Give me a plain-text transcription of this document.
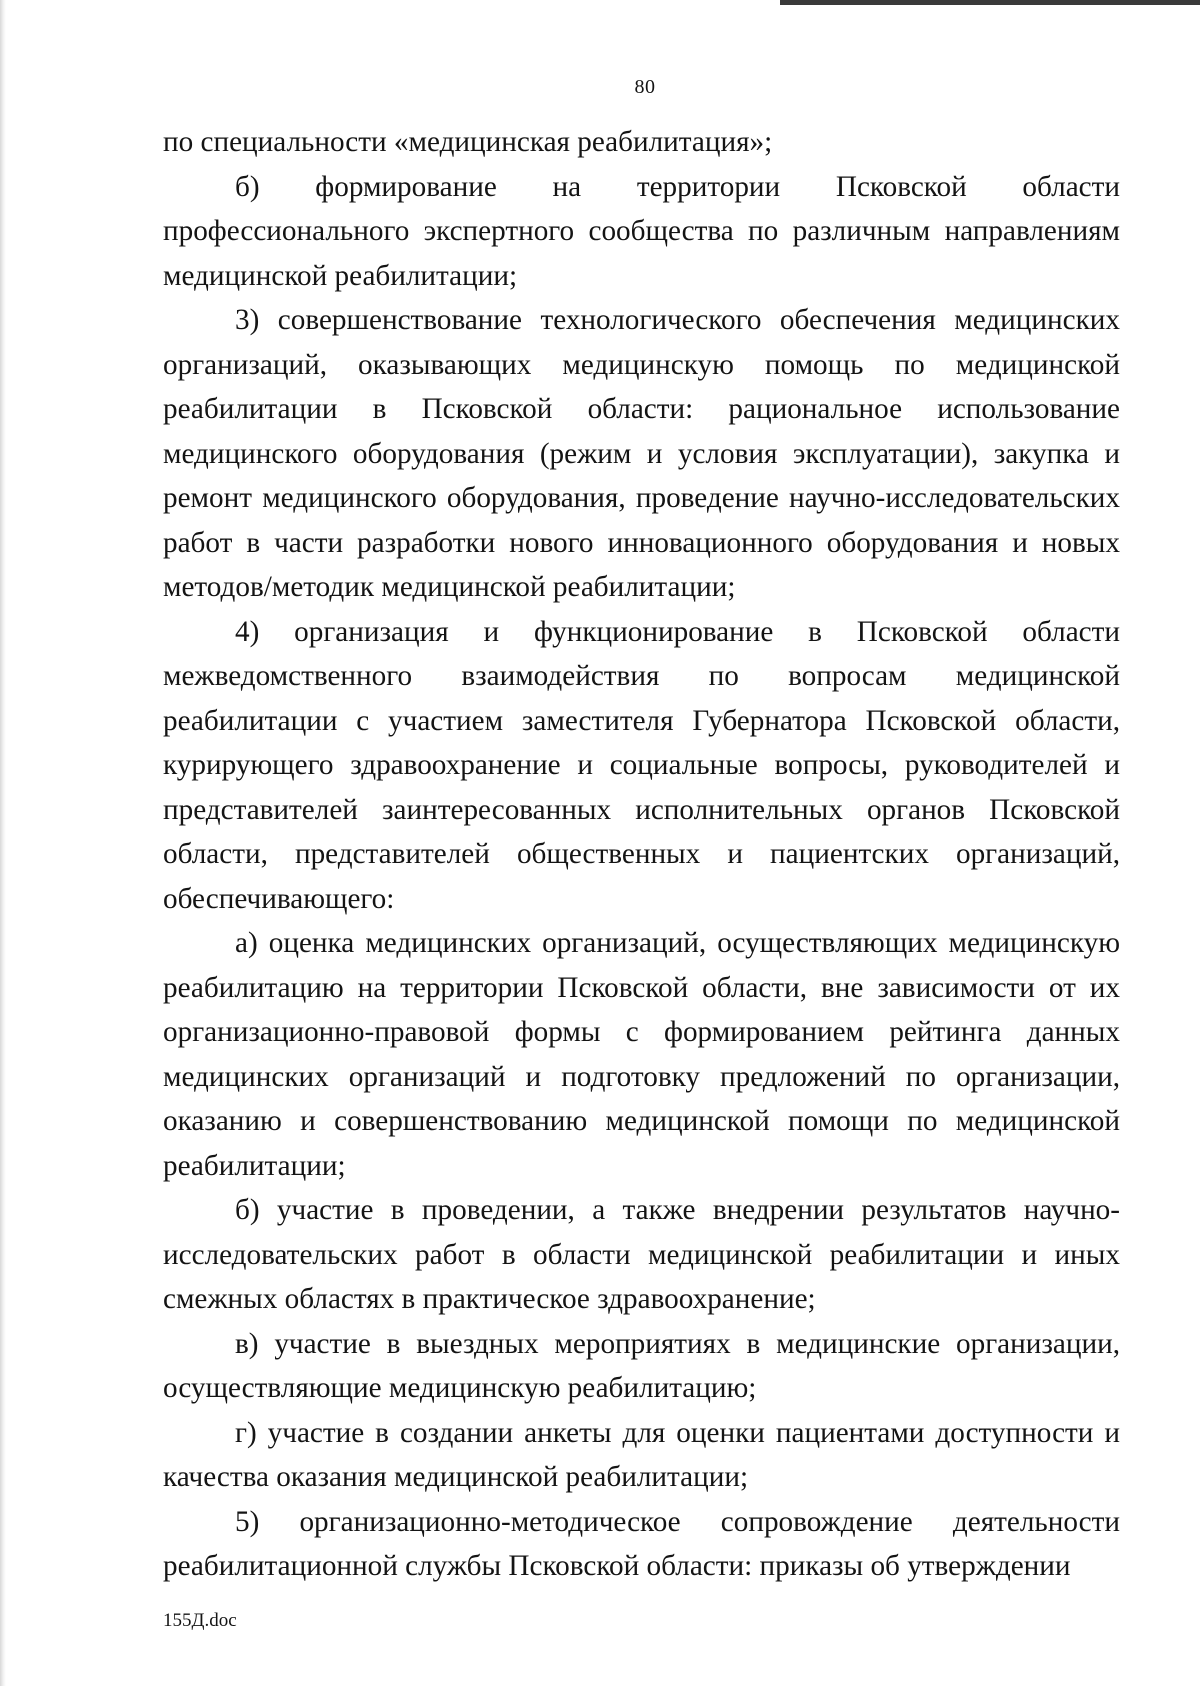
80

по специальности «медицинская реабилитация»;

б) формирование на территории Псковской области профессионального экспертного сообщества по различным направлениям медицинской реабилитации;

3) совершенствование технологического обеспечения медицинских организаций, оказывающих медицинскую помощь по медицинской реабилитации в Псковской области: рациональное использование медицинского оборудования (режим и условия эксплуатации), закупка и ремонт медицинского оборудования, проведение научно-исследовательских работ в части разработки нового инновационного оборудования и новых методов/методик медицинской реабилитации;

4) организация и функционирование в Псковской области межведомственного взаимодействия по вопросам медицинской реабилитации с участием заместителя Губернатора Псковской области, курирующего здравоохранение и социальные вопросы, руководителей и представителей заинтересованных исполнительных органов Псковской области, представителей общественных и пациентских организаций, обеспечивающего:

а) оценка медицинских организаций, осуществляющих медицинскую реабилитацию на территории Псковской области, вне зависимости от их организационно-правовой формы с формированием рейтинга данных медицинских организаций и подготовку предложений по организации, оказанию и совершенствованию медицинской помощи по медицинской реабилитации;

б) участие в проведении, а также внедрении результатов научно-исследовательских работ в области медицинской реабилитации и иных смежных областях в практическое здравоохранение;

в) участие в выездных мероприятиях в медицинские организации, осуществляющие медицинскую реабилитацию;

г) участие в создании анкеты для оценки пациентами доступности и качества оказания медицинской реабилитации;

5) организационно-методическое сопровождение деятельности реабилитационной службы Псковской области: приказы об утверждении

155Д.doc
